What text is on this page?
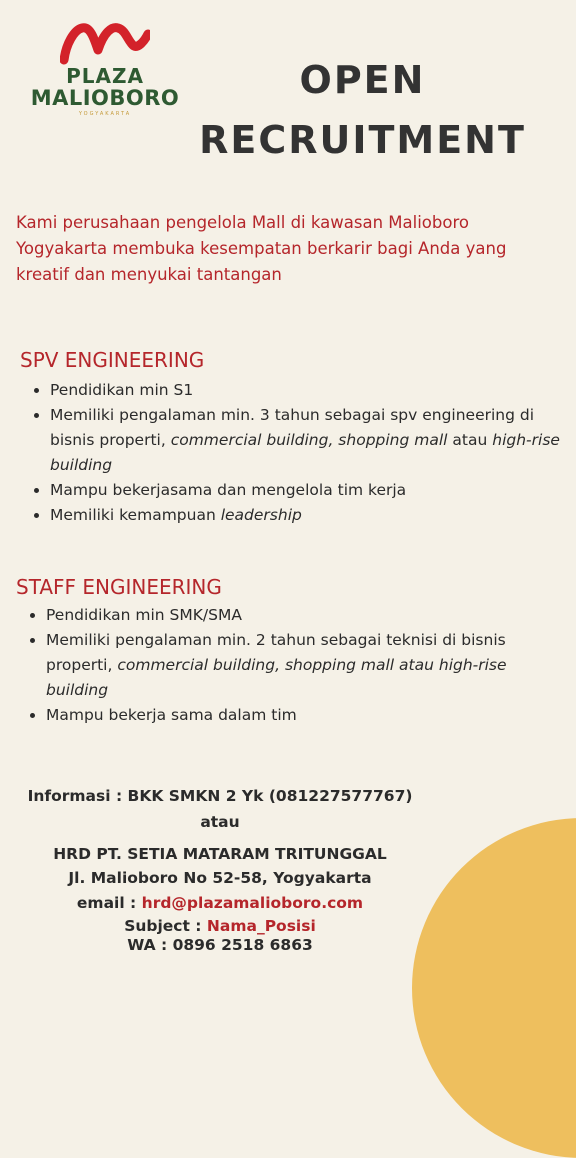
PLAZA
MALIOBORO
YOGYAKARTA
OPEN
RECRUITMENT

Kami perusahaan pengelola Mall di kawasan Malioboro Yogyakarta membuka kesempatan berkarir bagi Anda yang kreatif dan menyukai tantangan

SPV ENGINEERING
• Pendidikan min S1
• Memiliki pengalaman min. 3 tahun sebagai spv engineering di bisnis properti, commercial building, shopping mall atau high-rise building
• Mampu bekerjasama dan mengelola tim kerja
• Memiliki kemampuan leadership
STAFF ENGINEERING
• Pendidikan min SMK/SMA
• Memiliki pengalaman min. 2 tahun sebagai teknisi di bisnis properti, commercial building, shopping mall atau high-rise building
• Mampu bekerja sama dalam tim

Informasi : BKK SMKN 2 Yk (081227577767)

atau

HRD PT. SETIA MATARAM TRITUNGGAL

Jl. Malioboro No 52-58, Yogyakarta

email : hrd@plazamalioboro.com

Subject : Nama_Posisi

WA : 0896 2518 6863
